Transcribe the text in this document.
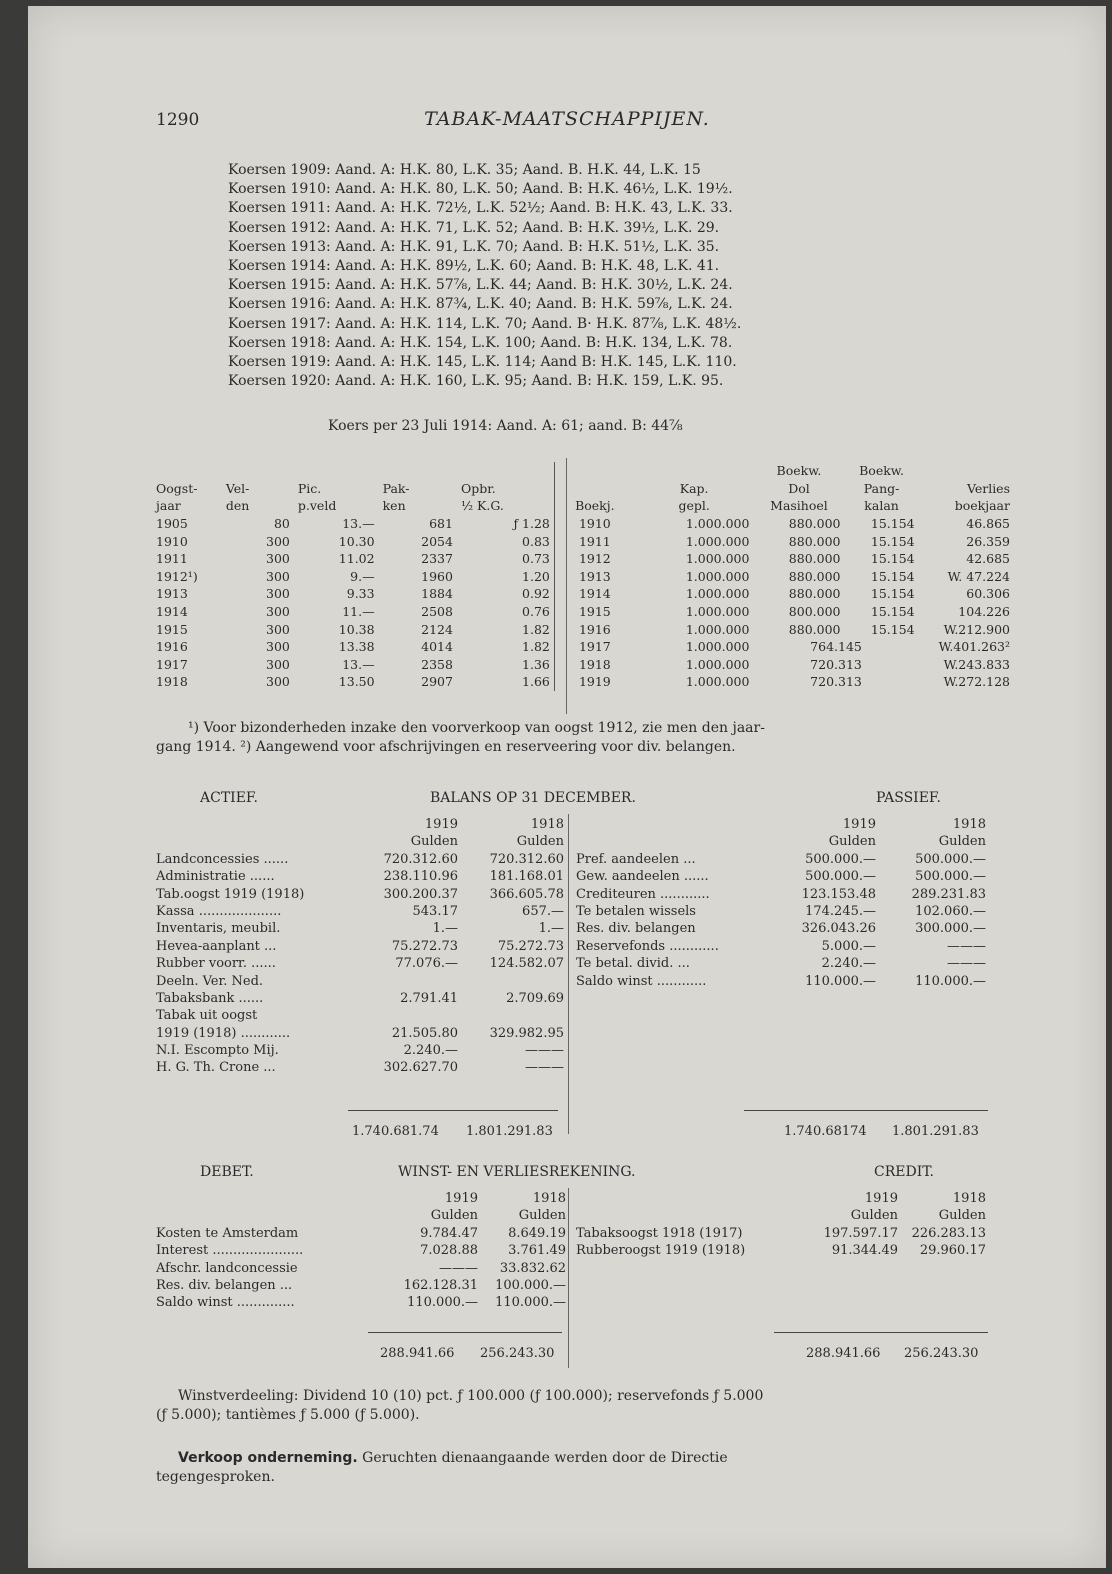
1290	TABAK-MAATSCHAPPIJEN.
Koersen 1909: Aand. A: H.K. 80, L.K. 35; Aand. B. H.K. 44, L.K. 15
Koersen 1910: Aand. A: H.K. 80, L.K. 50; Aand. B: H.K. 46½, L.K. 19½.
Koersen 1911: Aand. A: H.K. 72½, L.K. 52½; Aand. B: H.K. 43, L.K. 33.
Koersen 1912: Aand. A: H.K. 71, L.K. 52; Aand. B: H.K. 39½, L.K. 29.
Koersen 1913: Aand. A: H.K. 91, L.K. 70; Aand. B: H.K. 51½, L.K. 35.
Koersen 1914: Aand. A: H.K. 89½, L.K. 60; Aand. B: H.K. 48, L.K. 41.
Koersen 1915: Aand. A: H.K. 57⅞, L.K. 44; Aand. B: H.K. 30½, L.K. 24.
Koersen 1916: Aand. A: H.K. 87¾, L.K. 40; Aand. B: H.K. 59⅞, L.K. 24.
Koersen 1917: Aand. A: H.K. 114, L.K. 70; Aand. B· H.K. 87⅞, L.K. 48½.
Koersen 1918: Aand. A: H.K. 154, L.K. 100; Aand. B: H.K. 134, L.K. 78.
Koersen 1919: Aand. A: H.K. 145, L.K. 114; Aand B: H.K. 145, L.K. 110.
Koersen 1920: Aand. A: H.K. 160, L.K. 95; Aand. B: H.K. 159, L.K. 95.
Koers per 23 Juli 1914: Aand. A: 61; aand. B: 44⅞
							Boekw.	Boekw.	
Oogst-	Vel-	Pic.	Pak-	Opbr.		Kap.	Dol	Pang-	Verlies
jaar	den	p.veld	ken	½ K.G.	Boekj.	gepl.	Masihoel	kalan	boekjaar
1905	80	13.—	681	ƒ 1.28	1910	1.000.000	880.000	15.154	46.865
1910	300	10.30	2054	0.83	1911	1.000.000	880.000	15.154	26.359
1911	300	11.02	2337	0.73	1912	1.000.000	880.000	15.154	42.685
1912¹)	300	9.—	1960	1.20	1913	1.000.000	880.000	15.154	W. 47.224
1913	300	9.33	1884	0.92	1914	1.000.000	880.000	15.154	60.306
1914	300	11.—	2508	0.76	1915	1.000.000	800.000	15.154	104.226
1915	300	10.38	2124	1.82	1916	1.000.000	880.000	15.154	W.212.900
1916	300	13.38	4014	1.82	1917	1.000.000	764.145		W.401.263²
1917	300	13.—	2358	1.36	1918	1.000.000	720.313		W.243.833
1918	300	13.50	2907	1.66	1919	1.000.000	720.313		W.272.128
¹) Voor bizonderheden inzake den voorverkoop van oogst 1912, zie men den jaar-
gang 1914. ²) Aangewend voor afschrijvingen en reserveering voor div. belangen.
ACTIEF.	BALANS OP 31 DECEMBER.	PASSIEF.
1919	1918
Gulden	Gulden
Landconcessies ......	720.312.60 720.312.60
Administratie ......	238.110.96 181.168.01
Tab.oogst 1919 (1918)	300.200.37 366.605.78
Kassa ....................	543.17	657.—
Inventaris, meubil.	1.—	1.—
Hevea-aanplant ...	75.272.73	75.272.73
Rubber voorr. ......	77.076.— 124.582.07
Deeln. Ver. Ned.
Tabaksbank ......	2.791.41	2.709.69
Tabak uit oogst
1919 (1918) ............	21.505.80 329.982.95
N.I. Escompto Mij.	2.240.—	———
H. G. Th. Crone ...	302.627.70	———
1919	1918
Gulden	Gulden
Pref. aandeelen ...	500.000.—	500.000.—
Gew. aandeelen ......	500.000.—	500.000.—
Crediteuren ............	123.153.48	289.231.83
Te betalen wissels	174.245.—	102.060.—
Res. div. belangen	326.043.26	300.000.—
Reservefonds ............	5.000.—	———
Te betal. divid. ...	2.240.—	———
Saldo winst ............	110.000.—	110.000.—
1.740.681.74 1.801.291.83	1.740.68174 1.801.291.83
DEBET.	WINST- EN VERLIESREKENING.	CREDIT.
1919	1918
Gulden	Gulden
Kosten te Amsterdam	9.784.47 8.649.19
Interest ......................	7.028.88 3.761.49
Afschr. landconcessie	——— 33.832.62
Res. div. belangen ...	162.128.31 100.000.—
Saldo winst ..............	110.000.— 110.000.—
1919	1918
Gulden	Gulden
Tabaksoogst 1918 (1917)	197.597.17 226.283.13
Rubberoogst 1919 (1918)	91.344.49 29.960.17
288.941.66 256.243.30	288.941.66 256.243.30
Winstverdeeling: Dividend 10 (10) pct. ƒ 100.000 (ƒ 100.000); reservefonds ƒ 5.000
(ƒ 5.000); tantièmes ƒ 5.000 (ƒ 5.000).
Verkoop onderneming. Geruchten dienaangaande werden door de Directie
tegengesproken.
